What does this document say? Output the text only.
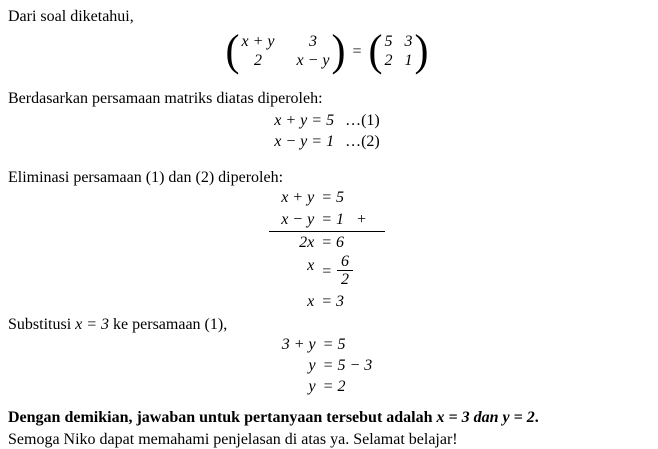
Dari soal diketahui,

( x + y	3
2	x − y ) = ( 5 3
2 1 )

Berdasarkan persamaan matriks diatas diperoleh:

x + y = 5 …(1)
x − y = 1 …(2)

Eliminasi persamaan (1) dan (2) diperoleh:

x + y = 5
x − y = 1 +
2x = 6
$x = \frac{6}{2}$
x = 3

Substitusi x = 3 ke persamaan (1),

3 + y = 5
y = 5 − 3
y = 2

Dengan demikian, jawaban untuk pertanyaan tersebut adalah x = 3 dan y = 2.

Semoga Niko dapat memahami penjelasan di atas ya. Selamat belajar!
